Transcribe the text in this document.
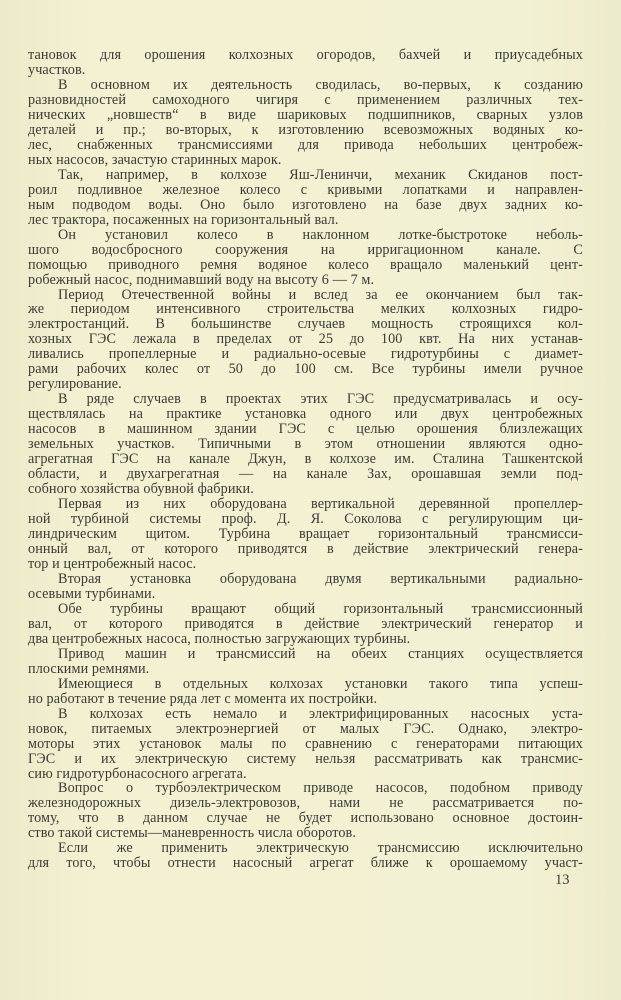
тановок для орошения колхозных огородов, бахчей и приусадебных
участков.
В основном их деятельность сводилась, во-первых, к созданию
разновидностей самоходного чигиря с применением различных тех-
нических „новшеств“ в виде шариковых подшипников, сварных узлов
деталей и пр.; во-вторых, к изготовлению всевозможных водяных ко-
лес, снабженных трансмиссиями для привода небольших центробеж-
ных насосов, зачастую старинных марок.
Так, например, в колхозе Яш-Ленинчи, механик Скиданов пост-
роил подливное железное колесо с кривыми лопатками и направлен-
ным подводом воды. Оно было изготовлено на базе двух задних ко-
лес трактора, посаженных на горизонтальный вал.
Он установил колесо в наклонном лотке-быстротоке неболь-
шого водосбросного сооружения на ирригационном канале. С
помощью приводного ремня водяное колесо вращало маленький цент-
робежный насос, поднимавший воду на высоту 6 — 7 м.
Период Отечественной войны и вслед за ее окончанием был так-
же периодом интенсивного строительства мелких колхозных гидро-
электростанций. В большинстве случаев мощность строящихся кол-
хозных ГЭС лежала в пределах от 25 до 100 квт. На них устанав-
ливались пропеллерные и радиально-осевые гидротурбины с диамет-
рами рабочих колес от 50 до 100 см. Все турбины имели ручное
регулирование.
В ряде случаев в проектах этих ГЭС предусматривалась и осу-
ществлялась на практике установка одного или двух центробежных
насосов в машинном здании ГЭС с целью орошения близлежащих
земельных участков. Типичными в этом отношении являются одно-
агрегатная ГЭС на канале Джун, в колхозе им. Сталина Ташкентской
области, и двухагрегатная — на канале Зах, орошавшая земли под-
собного хозяйства обувной фабрики.
Первая из них оборудована вертикальной деревянной пропеллер-
ной турбиной системы проф. Д. Я. Соколова с регулирующим ци-
линдрическим щитом. Турбина вращает горизонтальный трансмисси-
онный вал, от которого приводятся в действие электрический генера-
тор и центробежный насос.
Вторая установка оборудована двумя вертикальными радиально-
осевыми турбинами.
Обе турбины вращают общий горизонтальный трансмиссионный
вал, от которого приводятся в действие электрический генератор и
два центробежных насоса, полностью загружающих турбины.
Привод машин и трансмиссий на обеих станциях осуществляется
плоскими ремнями.
Имеющиеся в отдельных колхозах установки такого типа успеш-
но работают в течение ряда лет с момента их постройки.
В колхозах есть немало и электрифицированных насосных уста-
новок, питаемых электроэнергией от малых ГЭС. Однако, электро-
моторы этих установок малы по сравнению с генераторами питающих
ГЭС и их электрическую систему нельзя рассматривать как трансмис-
сию гидротурбонасосного агрегата.
Вопрос о турбоэлектрическом приводе насосов, подобном приводу
железнодорожных дизель-электровозов, нами не рассматривается по-
тому, что в данном случае не будет использовано основное достоин-
ство такой системы—маневренность числа оборотов.
Если же применить электрическую трансмиссию исключительно
для того, чтобы отнести насосный агрегат ближе к орошаемому участ-
13
